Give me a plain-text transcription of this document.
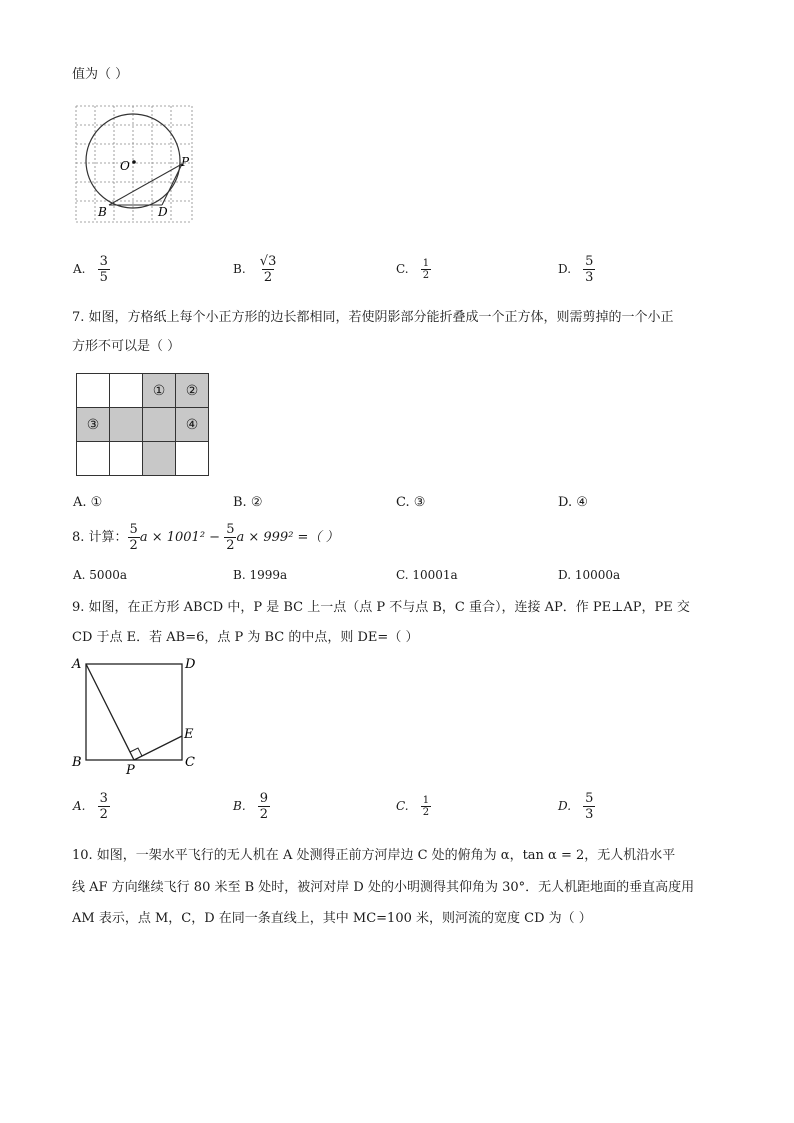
值为（ ）
O	P
B	D
A. $\frac{3}{5}$	B. $\frac{√3}{2}$	C. $\frac{1}{2}$	D. $\frac{5}{3}$
7. 如图，方格纸上每个小正方形的边长都相同，若使阴影部分能折叠成一个正方体，则需剪掉的一个小正
方形不可以是（ ）
		①	②
③			④

A. ①	B. ②	C. ③	D. ④
8. 计算： $\frac{5}{2}$ $a \times 1001^2 - \frac{5}{2}$ a × 999² =（ ）
A. 5000a	B. 1999a	C. 10001a	D. 10000a
9. 如图，在正方形 ABCD 中，P 是 BC 上一点（点 P 不与点 B，C 重合），连接 AP．作 PE⊥AP，PE 交
CD 于点 E．若 AB=6，点 P 为 BC 的中点，则 DE=（ ）
A	D
B	C
E
P
A. $\frac{3}{2}$	B. $\frac{9}{2}$	C. $\frac{1}{2}$	D. $\frac{5}{3}$
10. 如图，一架水平飞行的无人机在 A 处测得正前方河岸边 C 处的俯角为 α，tan α = 2，无人机沿水平
线 AF 方向继续飞行 80 米至 B 处时，被河对岸 D 处的小明测得其仰角为 30°．无人机距地面的垂直高度用
AM 表示，点 M，C，D 在同一条直线上，其中 MC=100 米，则河流的宽度 CD 为（ ）
